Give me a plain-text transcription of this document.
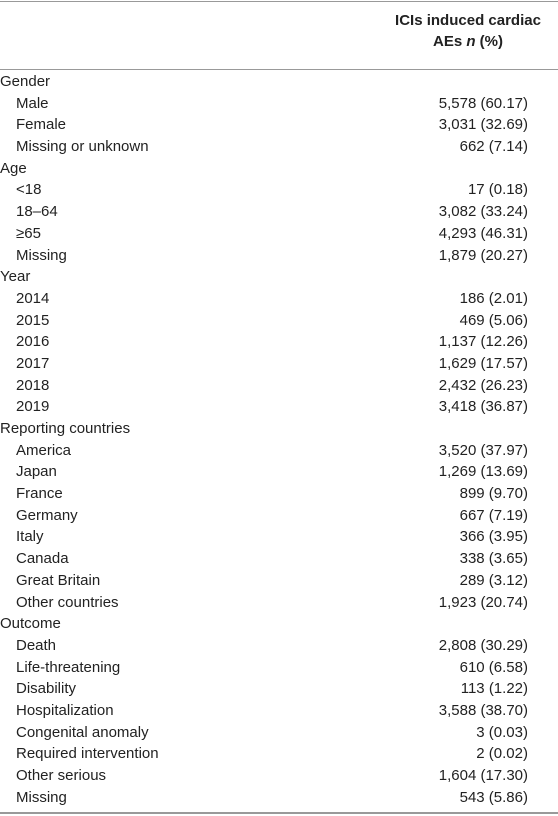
ICIs induced cardiac
AEs n (%)
Gender
Male	5,578 (60.17)
Female	3,031 (32.69)
Missing or unknown	662 (7.14)
Age
<18	17 (0.18)
18–64	3,082 (33.24)
≥65	4,293 (46.31)
Missing	1,879 (20.27)
Year
2014	186 (2.01)
2015	469 (5.06)
2016	1,137 (12.26)
2017	1,629 (17.57)
2018	2,432 (26.23)
2019	3,418 (36.87)
Reporting countries
America	3,520 (37.97)
Japan	1,269 (13.69)
France	899 (9.70)
Germany	667 (7.19)
Italy	366 (3.95)
Canada	338 (3.65)
Great Britain	289 (3.12)
Other countries	1,923 (20.74)
Outcome
Death	2,808 (30.29)
Life-threatening	610 (6.58)
Disability	113 (1.22)
Hospitalization	3,588 (38.70)
Congenital anomaly	3 (0.03)
Required intervention	2 (0.02)
Other serious	1,604 (17.30)
Missing	543 (5.86)
